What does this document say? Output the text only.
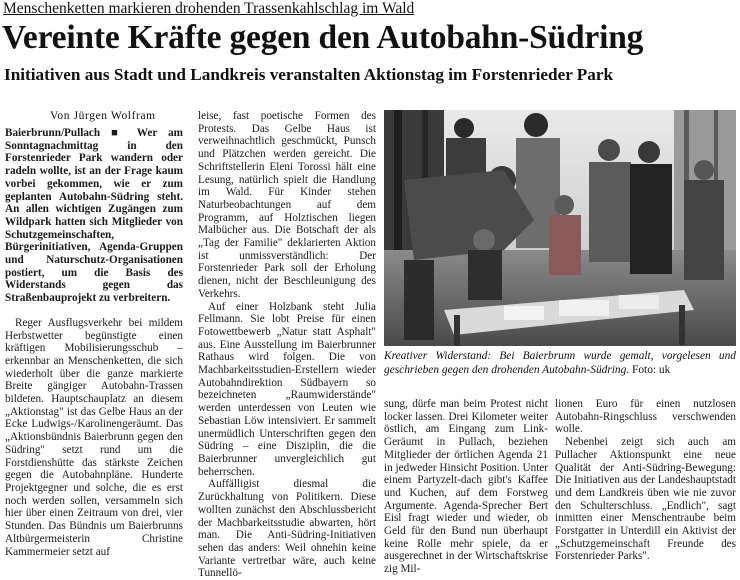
Menschenketten markieren drohenden Trassenkahlschlag im Wald
Vereinte Kräfte gegen den Autobahn-Südring
Initiativen aus Stadt und Landkreis veranstalten Aktionstag im Forstenrieder Park
Von Jürgen Wolfram

Baierbrunn/Pullach ■ Wer am Sonntagnachmittag in den Forstenrieder Park wandern oder radeln wollte, ist an der Frage kaum vorbei gekommen, wie er zum geplanten Autobahn-Südring steht. An allen wichtigen Zugängen zum Wildpark hatten sich Mitglieder von Schutzgemeinschaften, Bürgerinitiativen, Agenda-Gruppen und Naturschutz-Organisationen postiert, um die Basis des Widerstands gegen das Straßenbauprojekt zu verbreitern.

Reger Ausflugsverkehr bei mildem Herbstwetter begünstigte einen kräftigen Mobilisierungsschub – erkennbar an Menschenketten, die sich wiederholt über die ganze markierte Breite gängiger Autobahn-Trassen bildeten. Hauptschauplatz an diesem „Aktionstag" ist das Gelbe Haus an der Ecke Ludwigs-/Karolinengeräumt. Das „Aktionsbündnis Baierbrunn gegen den Südring" setzt rund um die Forstdienshütte das stärkste Zeichen gegen die Autobahnpläne. Hunderte Projektgegner und solche, die es erst noch werden sollen, versammeln sich hier über einen Zeitraum von drei, vier Stunden. Das Bündnis um Baierbrunns Altbürgermeisterin Christine Kammermeier setzt auf

leise, fast poetische Formen des Protests. Das Gelbe Haus ist verweihnachtlich geschmückt, Punsch und Plätzchen werden gereicht. Die Schriftstellerin Eleni Torossi hält eine Lesung, natürlich spielt die Handlung im Wald. Für Kinder stehen Naturbeobachtungen auf dem Programm, auf Holztischen liegen Malbücher aus. Die Botschaft der als „Tag der Familie" deklarierten Aktion ist unmissverständlich: Der Forstenrieder Park soll der Erholung dienen, nicht der Beschleunigung des Verkehrs.

Auf einer Holzbank steht Julia Fellmann. Sie lobt Preise für einen Fotowettbewerb „Natur statt Asphalt" aus. Eine Ausstellung im Baierbrunner Rathaus wird folgen. Die von Machbarkeitsstudien-Erstellern wieder Autobahndirektion Südbayern so bezeichneten „Raumwiderstände" werden unterdessen von Leuten wie Sebastian Löw intensiviert. Er sammelt unermüdlich Unterschriften gegen den Südring – eine Disziplin, die die Baierbrunner unvergleichlich gut beherrschen.

Auffälligist diesmal die Zurückhaltung von Politikern. Diese wollten zunächst den Abschlussbericht der Machbarkeitsstudie abwarten, hört man. Die Anti-Südring-Initiativen sehen das anders: Weil ohnehin keine Variante vertretbar wäre, auch keine Tunnellö-

Kreativer Widerstand: Bei Baierbrunn wurde gemalt, vorgelesen und geschrieben gegen den drohenden Autobahn-Südring. Foto: uk

sung, dürfe man beim Protest nicht locker lassen. Drei Kilometer weiter östlich, am Eingang zum Link-Geräumt in Pullach, beziehen Mitglieder der örtlichen Agenda 21 in jedweder Hinsicht Position. Unter einem Partyzelt-dach gibt's Kaffee und Kuchen, auf dem Forstweg Argumente. Agenda-Sprecher Bert Eisl fragt wieder und wieder, ob Geld für den Bund nun überhaupt keine Rolle mehr spiele, da er ausgerechnet in der Wirtschaftskrise zig Mil-

lionen Euro für einen nutzlosen Autobahn-Ringschluss verschwenden wolle.

Nebenbei zeigt sich auch am Pullacher Aktionspunkt eine neue Qualität der Anti-Südring-Bewegung: Die Initiativen aus der Landeshauptstadt und dem Landkreis üben wie nie zuvor den Schulterschluss. „Endlich", sagt inmitten einer Menschentraube beim Forstgatter in Unterdill ein Aktivist der „Schutzgemeinschaft Freunde des Forstenrieder Parks".
